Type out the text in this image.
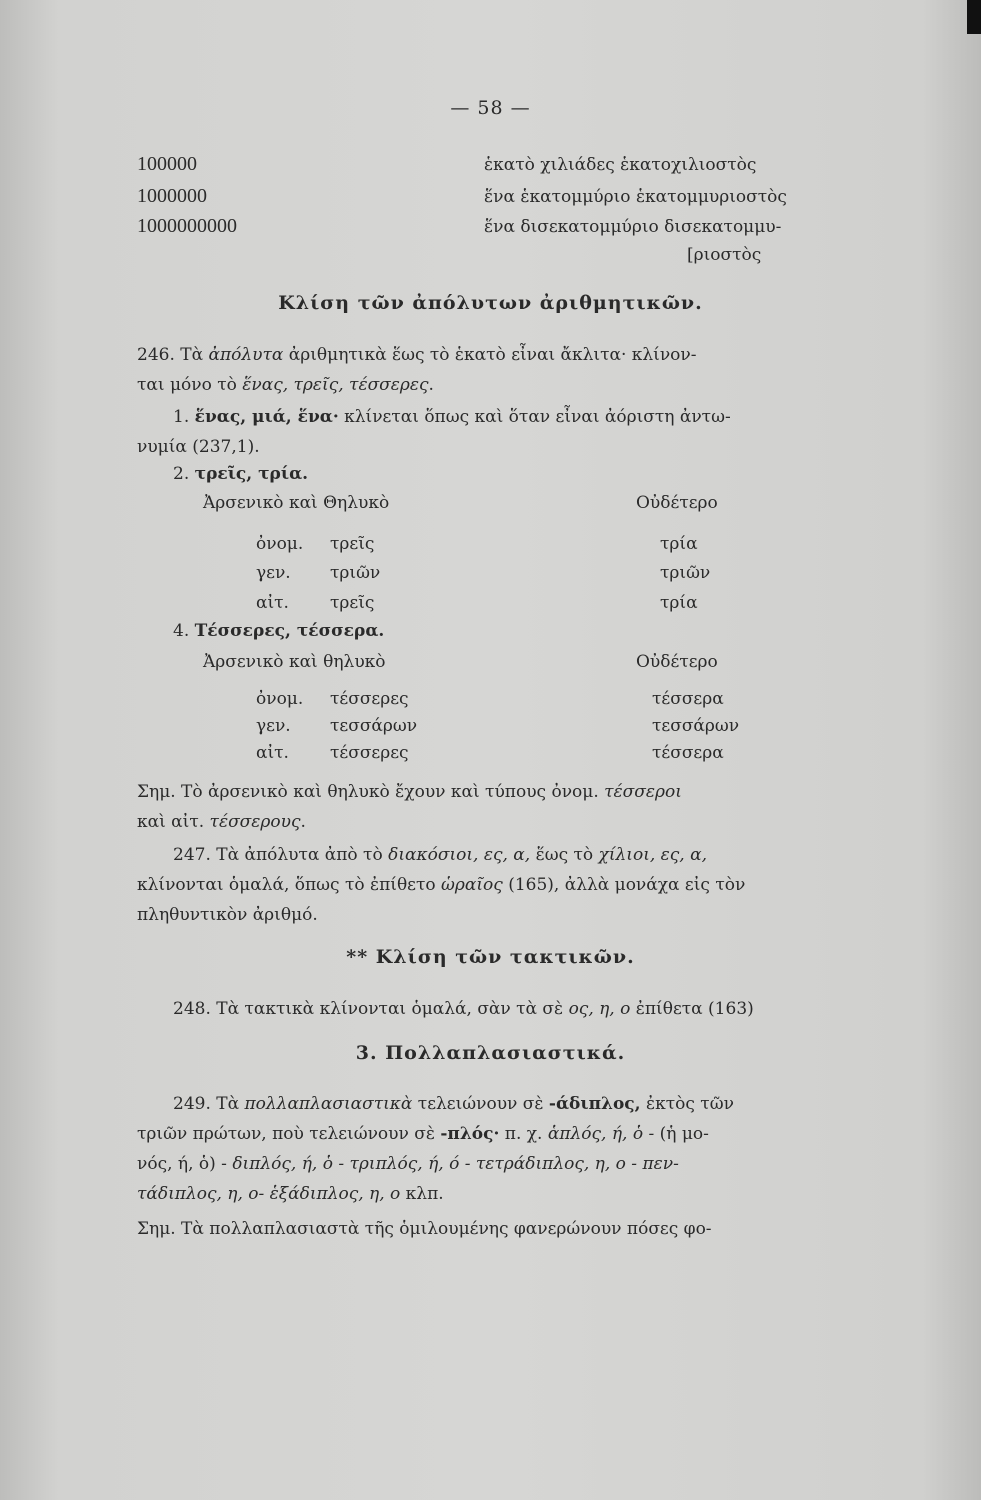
— 58 —
100000	ἑκατὸ χιλιάδες ἑκατοχιλιοστὸς
1000000	ἕνα ἑκατομμύριο ἑκατομμυριοστὸς
1000000000	ἕνα δισεκατομμύριο δισεκατομμυ-
[ριοστὸς
Κλίση τῶν ἀπόλυτων ἀριθμητικῶν.
246. Τὰ ἀπόλυτα ἀριθμητικὰ ἕως τὸ ἑκατὸ εἶναι ἄκλιτα· κλίνον-
ται μόνο τὸ ἕνας, τρεῖς, τέσσερες.
1. ἕνας, μιά, ἕνα· κλίνεται ὅπως καὶ ὅταν εἶναι ἀόριστη ἀντω-
νυμία (237,1).
2. τρεῖς, τρία.
Ἀρσενικὸ καὶ Θηλυκὸ	Οὐδέτερο
ὀνομ. τρεῖς	τρία
γεν. τριῶν	τριῶν
αἰτ. τρεῖς	τρία
4. Τέσσερες, τέσσερα.
Ἀρσενικὸ καὶ θηλυκὸ	Οὐδέτερο
ὀνομ. τέσσερες	τέσσερα
γεν. τεσσάρων	τεσσάρων
αἰτ. τέσσερες	τέσσερα
Σημ. Τὸ ἀρσενικὸ καὶ θηλυκὸ ἔχουν καὶ τύπους ὀνομ. τέσσεροι
καὶ αἰτ. τέσσερους.
247. Τὰ ἀπόλυτα ἀπὸ τὸ διακόσιοι, ες, α, ἕως τὸ χίλιοι, ες, α,
κλίνονται ὁμαλά, ὅπως τὸ ἐπίθετο ὡραῖος (165), ἀλλὰ μονάχα εἰς τὸν
πληθυντικὸν ἀριθμό.
** Κλίση τῶν τακτικῶν.
248. Τὰ τακτικὰ κλίνονται ὁμαλά, σὰν τὰ σὲ ος, η, ο ἐπίθετα (163)
3. Πολλαπλασιαστικά.
249. Τὰ πολλαπλασιαστικὰ τελειώνουν σὲ -άδιπλος, ἐκτὸς τῶν
τριῶν πρώτων, ποὺ τελειώνουν σὲ -πλός· π. χ. ἁπλός, ή, ὁ - (ἡ μο-
νός, ή, ὁ) - διπλός, ή, ὁ - τριπλός, ή, ό - τετράδιπλος, η, ο - πεν-
τάδιπλος, η, ο- ἑξάδιπλος, η, ο κλπ.
Σημ. Τὰ πολλαπλασιαστὰ τῆς ὁμιλουμένης φανερώνουν πόσες φο-
